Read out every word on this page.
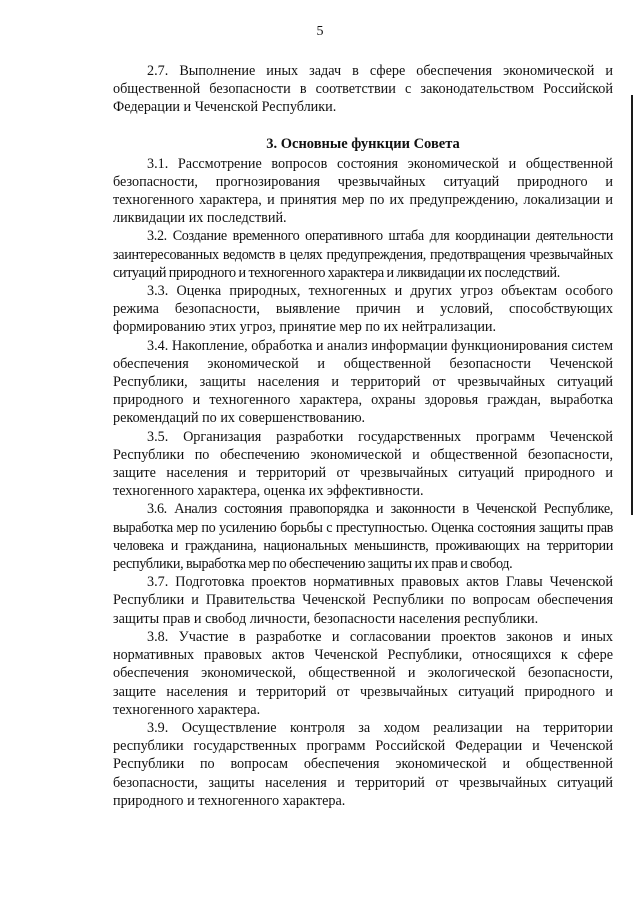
5

2.7. Выполнение иных задач в сфере обеспечения экономической и общественной безопасности в соответствии с законодательством Российской Федерации и Чеченской Республики.

3. Основные функции Совета

3.1. Рассмотрение вопросов состояния экономической и общественной безопасности, прогнозирования чрезвычайных ситуаций природного и техногенного характера, и принятия мер по их предупреждению, локализации и ликвидации их последствий.

3.2. Создание временного оперативного штаба для координации деятельности заинтересованных ведомств в целях предупреждения, предотвращения чрезвычайных ситуаций природного и техногенного характера и ликвидации их последствий.

3.3. Оценка природных, техногенных и других угроз объектам особого режима безопасности, выявление причин и условий, способствующих формированию этих угроз, принятие мер по их нейтрализации.

3.4. Накопление, обработка и анализ информации функционирования систем обеспечения экономической и общественной безопасности Чеченской Республики, защиты населения и территорий от чрезвычайных ситуаций природного и техногенного характера, охраны здоровья граждан, выработка рекомендаций по их совершенствованию.

3.5. Организация разработки государственных программ Чеченской Республики по обеспечению экономической и общественной безопасности, защите населения и территорий от чрезвычайных ситуаций природного и техногенного характера, оценка их эффективности.

3.6. Анализ состояния правопорядка и законности в Чеченской Республике, выработка мер по усилению борьбы с преступностью. Оценка состояния защиты прав человека и гражданина, национальных меньшинств, проживающих на территории республики, выработка мер по обеспечению защиты их прав и свобод.

3.7. Подготовка проектов нормативных правовых актов Главы Чеченской Республики и Правительства Чеченской Республики по вопросам обеспечения защиты прав и свобод личности, безопасности населения республики.

3.8. Участие в разработке и согласовании проектов законов и иных нормативных правовых актов Чеченской Республики, относящихся к сфере обеспечения экономической, общественной и экологической безопасности, защите населения и территорий от чрезвычайных ситуаций природного и техногенного характера.

3.9. Осуществление контроля за ходом реализации на территории республики государственных программ Российской Федерации и Чеченской Республики по вопросам обеспечения экономической и общественной безопасности, защиты населения и территорий от чрезвычайных ситуаций природного и техногенного характера.
